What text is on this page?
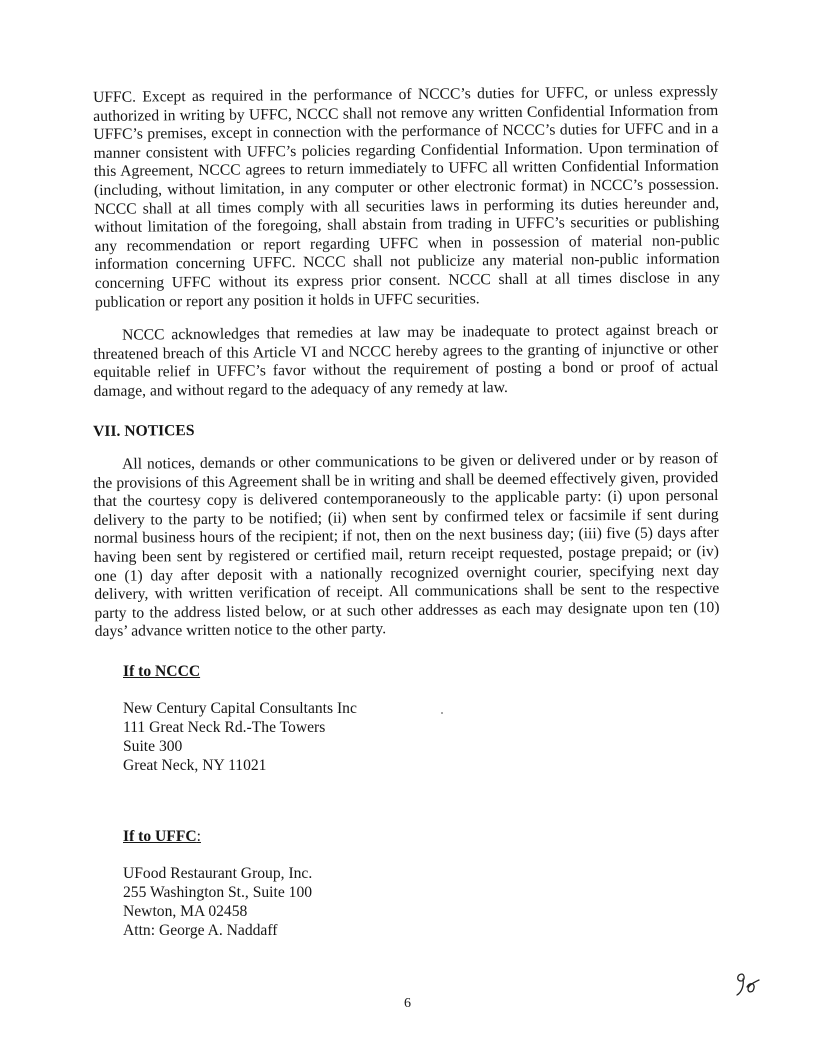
UFFC. Except as required in the performance of NCCC’s duties for UFFC, or unless expressly authorized in writing by UFFC, NCCC shall not remove any written Confidential Information from UFFC’s premises, except in connection with the performance of NCCC’s duties for UFFC and in a manner consistent with UFFC’s policies regarding Confidential Information. Upon termination of this Agreement, NCCC agrees to return immediately to UFFC all written Confidential Information (including, without limitation, in any computer or other electronic format) in NCCC’s possession. NCCC shall at all times comply with all securities laws in performing its duties hereunder and, without limitation of the foregoing, shall abstain from trading in UFFC’s securities or publishing any recommendation or report regarding UFFC when in possession of material non-public information concerning UFFC. NCCC shall not publicize any material non-public information concerning UFFC without its express prior consent. NCCC shall at all times disclose in any publication or report any position it holds in UFFC securities.

NCCC acknowledges that remedies at law may be inadequate to protect against breach or threatened breach of this Article VI and NCCC hereby agrees to the granting of injunctive or other equitable relief in UFFC’s favor without the requirement of posting a bond or proof of actual damage, and without regard to the adequacy of any remedy at law.

VII. NOTICES

All notices, demands or other communications to be given or delivered under or by reason of the provisions of this Agreement shall be in writing and shall be deemed effectively given, provided that the courtesy copy is delivered contemporaneously to the applicable party: (i) upon personal delivery to the party to be notified; (ii) when sent by confirmed telex or facsimile if sent during normal business hours of the recipient; if not, then on the next business day; (iii) five (5) days after having been sent by registered or certified mail, return receipt requested, postage prepaid; or (iv) one (1) day after deposit with a nationally recognized overnight courier, specifying next day delivery, with written verification of receipt. All communications shall be sent to the respective party to the address listed below, or at such other addresses as each may designate upon ten (10) days’ advance written notice to the other party.

If to NCCC
New Century Capital Consultants Inc
111 Great Neck Rd.-The Towers
Suite 300
Great Neck, NY 11021
If to UFFC:
UFood Restaurant Group, Inc.
255 Washington St., Suite 100
Newton, MA 02458
Attn: George A. Naddaff
6
